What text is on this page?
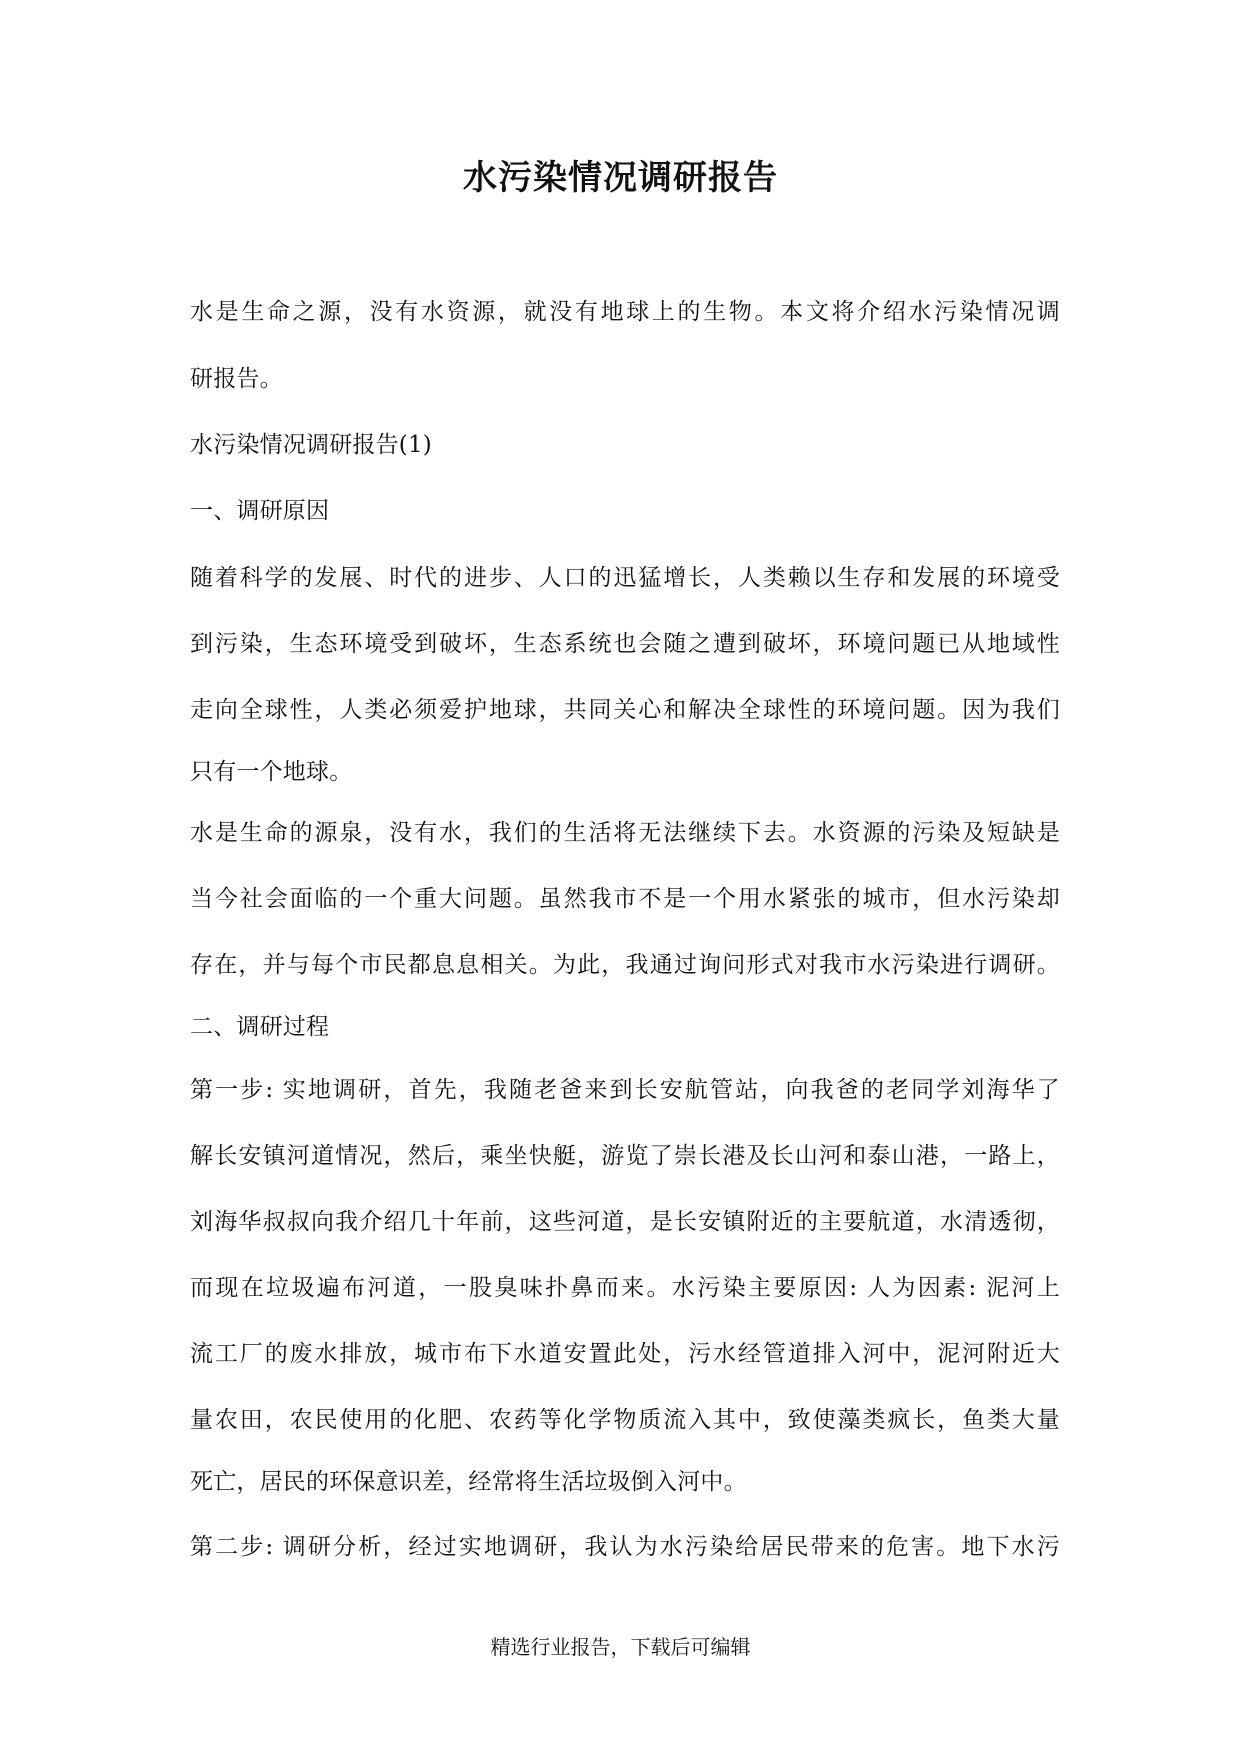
水污染情况调研报告
水是生命之源，没有水资源，就没有地球上的生物。本文将介绍水污染情况调
研报告。
水污染情况调研报告(1)
一、调研原因
随着科学的发展、时代的进步、人口的迅猛增长，人类赖以生存和发展的环境受
到污染，生态环境受到破坏，生态系统也会随之遭到破坏，环境问题已从地域性
走向全球性，人类必须爱护地球，共同关心和解决全球性的环境问题。因为我们
只有一个地球。
水是生命的源泉，没有水，我们的生活将无法继续下去。水资源的污染及短缺是
当今社会面临的一个重大问题。虽然我市不是一个用水紧张的城市，但水污染却
存在，并与每个市民都息息相关。为此，我通过询问形式对我市水污染进行调研。
二、调研过程
第一步: 实地调研，首先，我随老爸来到长安航管站，向我爸的老同学刘海华了
解长安镇河道情况，然后，乘坐快艇，游览了崇长港及长山河和泰山港，一路上，
刘海华叔叔向我介绍几十年前，这些河道，是长安镇附近的主要航道，水清透彻，
而现在垃圾遍布河道，一股臭味扑鼻而来。水污染主要原因: 人为因素: 泥河上
流工厂的废水排放，城市布下水道安置此处，污水经管道排入河中，泥河附近大
量农田，农民使用的化肥、农药等化学物质流入其中，致使藻类疯长，鱼类大量
死亡，居民的环保意识差，经常将生活垃圾倒入河中。
第二步: 调研分析，经过实地调研，我认为水污染给居民带来的危害。地下水污
精选行业报告，下载后可编辑
